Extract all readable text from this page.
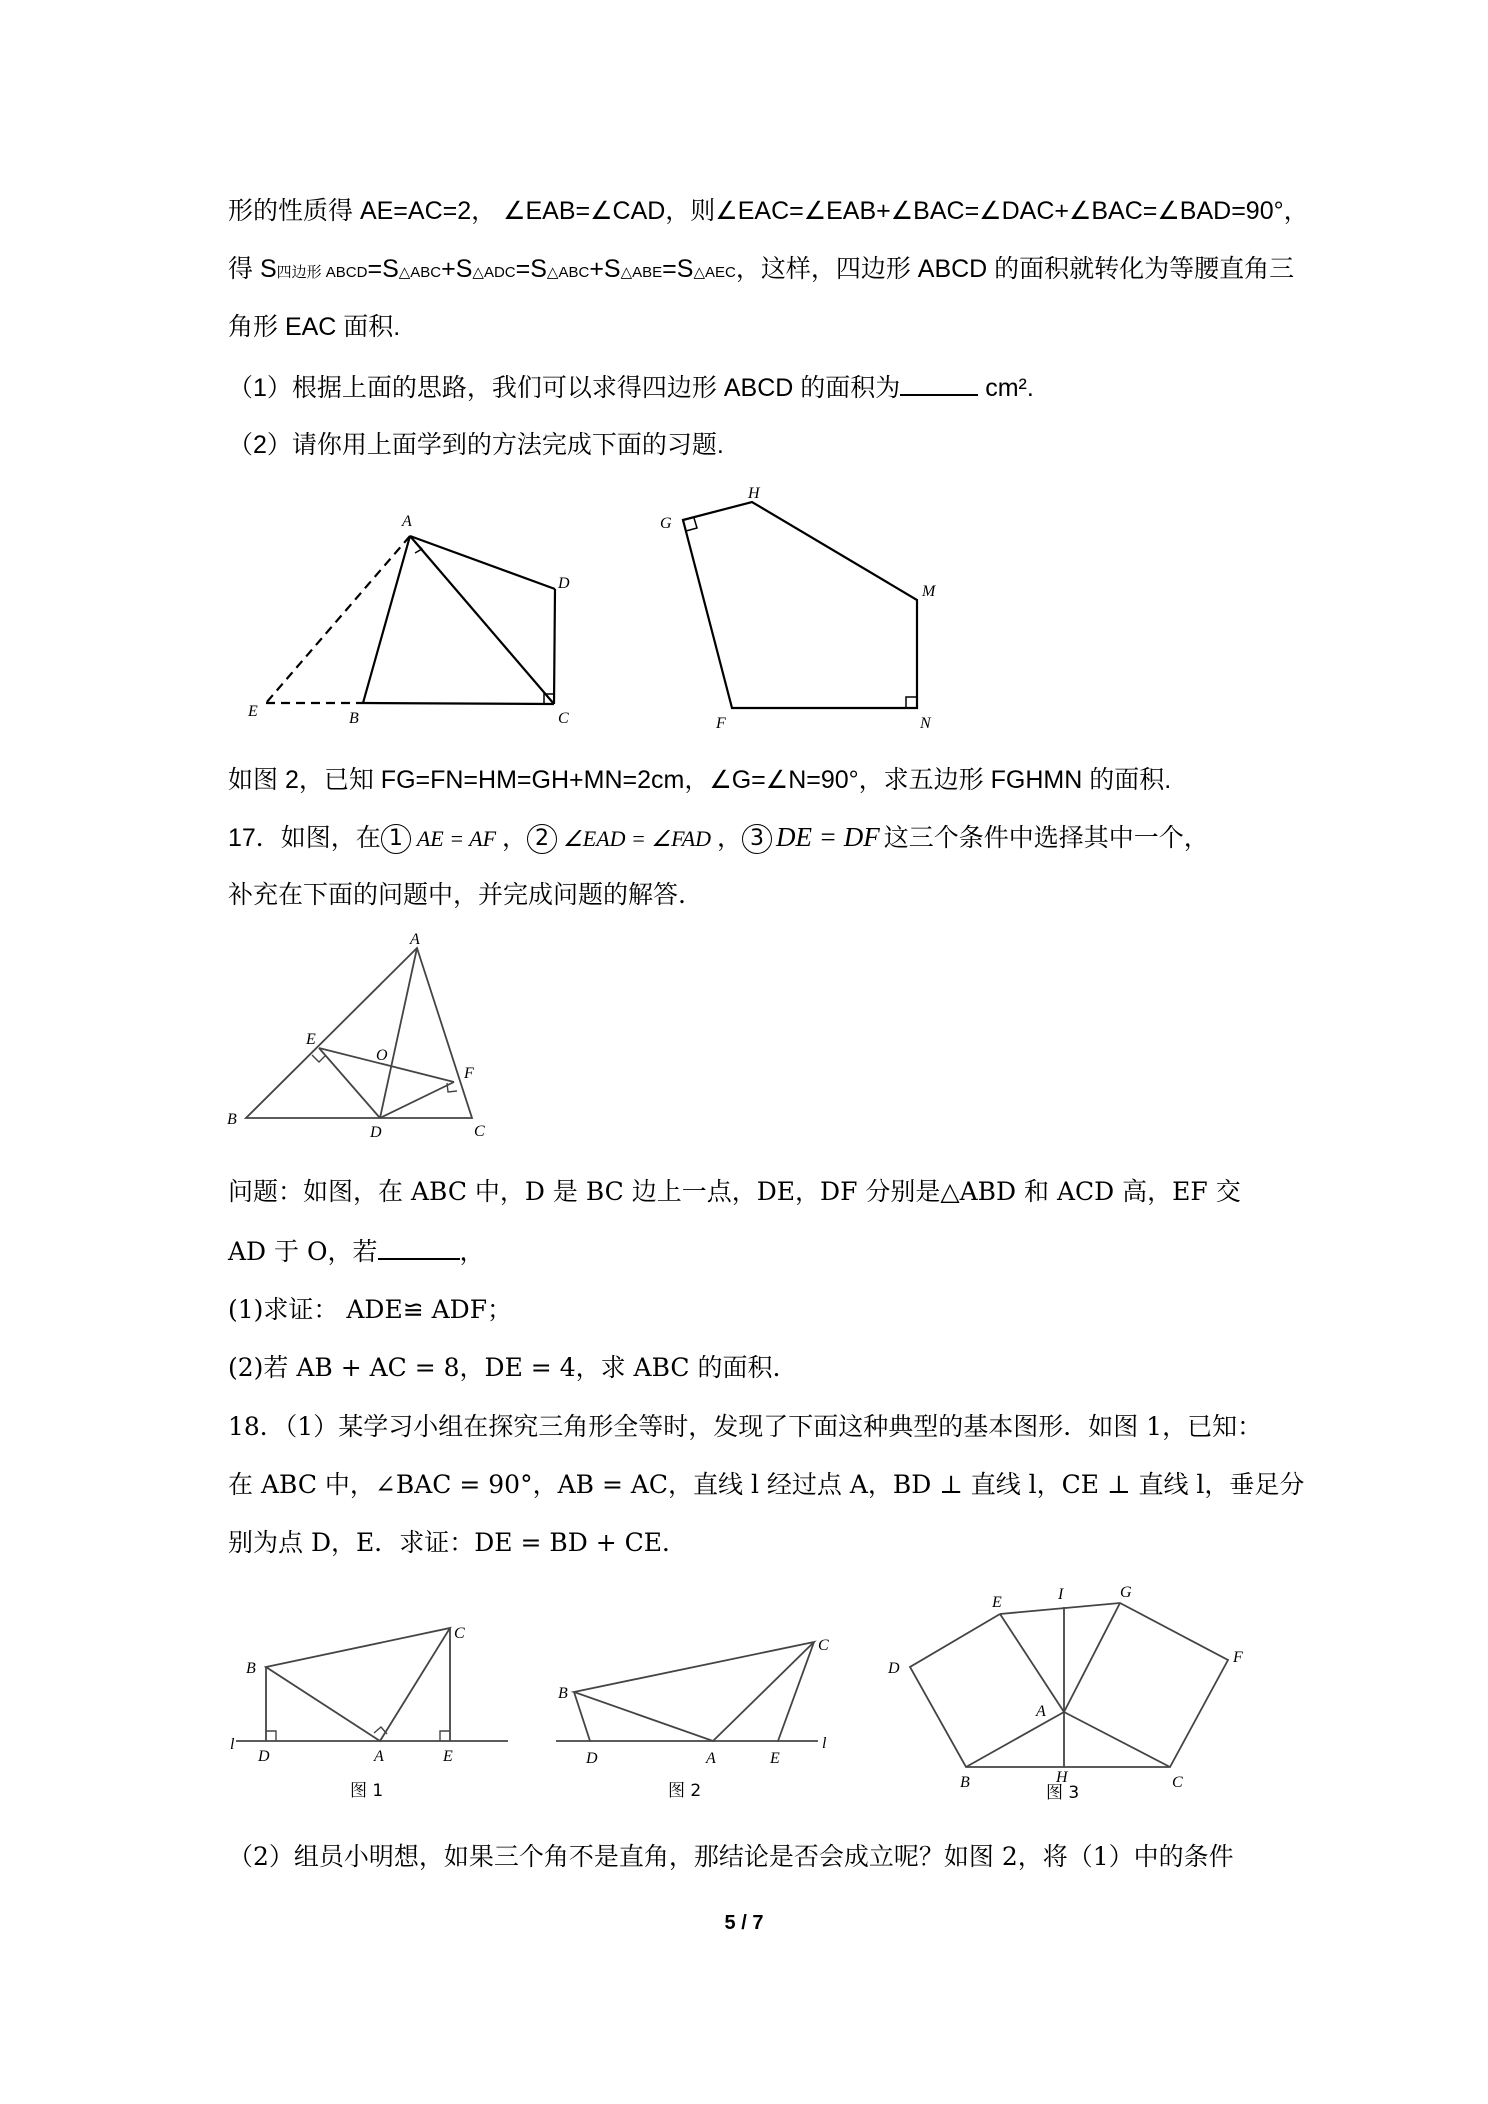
形的性质得 AE=AC=2， ∠EAB=∠CAD，则∠EAC=∠EAB+∠BAC=∠DAC+∠BAC=∠BAD=90°，
得 S四边形 ABCD=S△ABC+S△ADC=S△ABC+S△ABE=S△AEC，这样，四边形 ABCD 的面积就转化为等腰直角三
角形 EAC 面积.
（1）根据上面的思路，我们可以求得四边形 ABCD 的面积为	cm².
（2）请你用上面学到的方法完成下面的习题.
A
B	C
D
E
G
H
M
N
F
如图 2，已知 FG=FN=HM=GH+MN=2cm，∠G=∠N=90°，求五边形 FGHMN 的面积.
17．如图，在 1 AE = AF ， 2 ∠EAD = ∠FAD ， 3 DE = DF 这三个条件中选择其中一个，
补充在下面的问题中，并完成问题的解答.
A
B
C
D
E
F
O
问题：如图，在 ABC 中，D 是 BC 边上一点，DE，DF 分别是△ABD 和 ACD 高，EF 交
AD 于 O，若	，
(1)求证： ADE≌ ADF；
(2)若 AB + AC = 8，DE = 4，求 ABC 的面积.
18．（1）某学习小组在探究三角形全等时，发现了下面这种典型的基本图形．如图 1，已知：
在 ABC 中，∠BAC = 90°，AB = AC，直线 l 经过点 A，BD ⊥ 直线 l，CE ⊥ 直线 l，垂足分
别为点 D，E．求证：DE = BD + CE．
B
C
l
D	A	E
图 1
B
C
D	A	E
l
图 2
E	I	G
D
F
A
B	H	C
图 3
（2）组员小明想，如果三个角不是直角，那结论是否会成立呢？如图 2，将（1）中的条件
5 / 7
